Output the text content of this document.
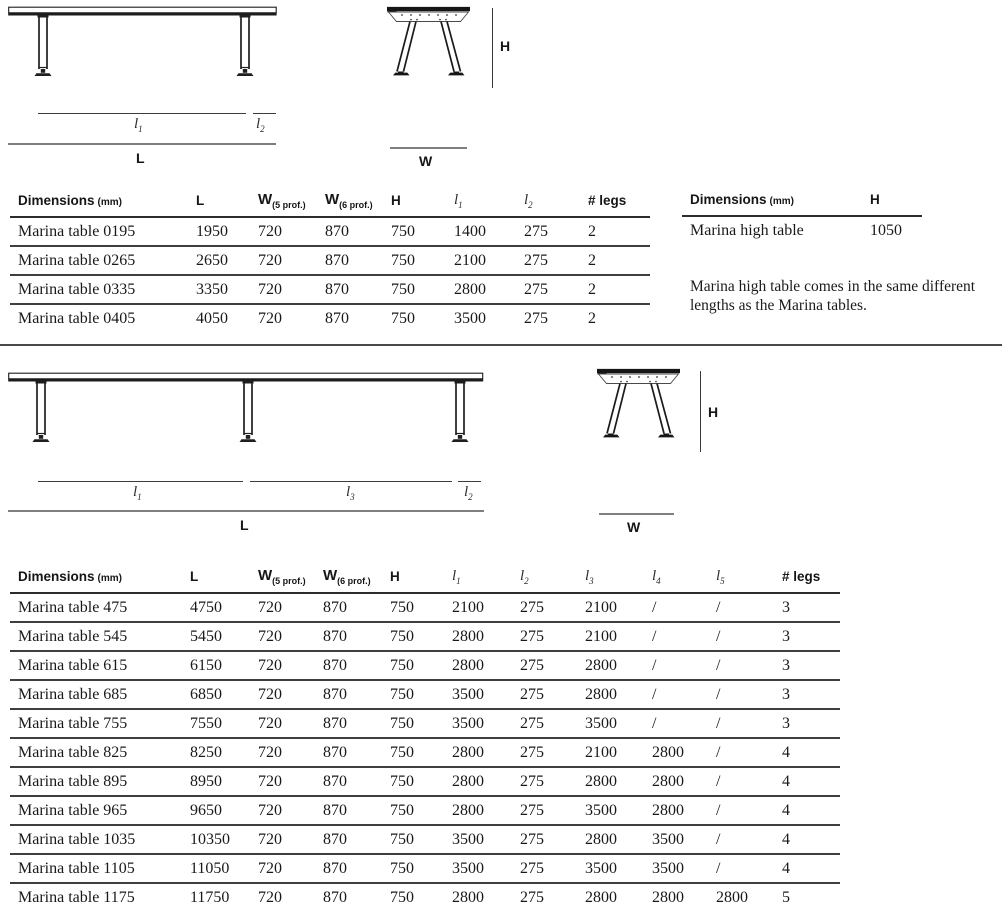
H
$l_1$	$l_2$
L	W
Dimensions (mm)	L	$W_{(5 prof.)}$	$W_{(6 prof.)}$	H	$l_1$	$l_2$	# legs
Marina table 0195	1950	720	870	750	1400	275	2
Marina table 0265	2650	720	870	750	2100	275	2
Marina table 0335	3350	720	870	750	2800	275	2
Marina table 0405	4050	720	870	750	3500	275	2
Dimensions (mm)	H
Marina high table	1050

Marina high table comes in the same different lengths as the Marina tables.

H
$l_1$	$l_3$	$l_2$
L	W
Dimensions (mm)	L	$W_{(5 prof.)}$	$W_{(6 prof.)}$	H	$l_1$	$l_2$	$l_3$	$l_4$	$l_5$	# legs
Marina table 475	4750	720	870	750	2100	275	2100	/	/	3
Marina table 545	5450	720	870	750	2800	275	2100	/	/	3
Marina table 615	6150	720	870	750	2800	275	2800	/	/	3
Marina table 685	6850	720	870	750	3500	275	2800	/	/	3
Marina table 755	7550	720	870	750	3500	275	3500	/	/	3
Marina table 825	8250	720	870	750	2800	275	2100	2800	/	4
Marina table 895	8950	720	870	750	2800	275	2800	2800	/	4
Marina table 965	9650	720	870	750	2800	275	3500	2800	/	4
Marina table 1035	10350	720	870	750	3500	275	2800	3500	/	4
Marina table 1105	11050	720	870	750	3500	275	3500	3500	/	4
Marina table 1175	11750	720	870	750	2800	275	2800	2800	2800	5
